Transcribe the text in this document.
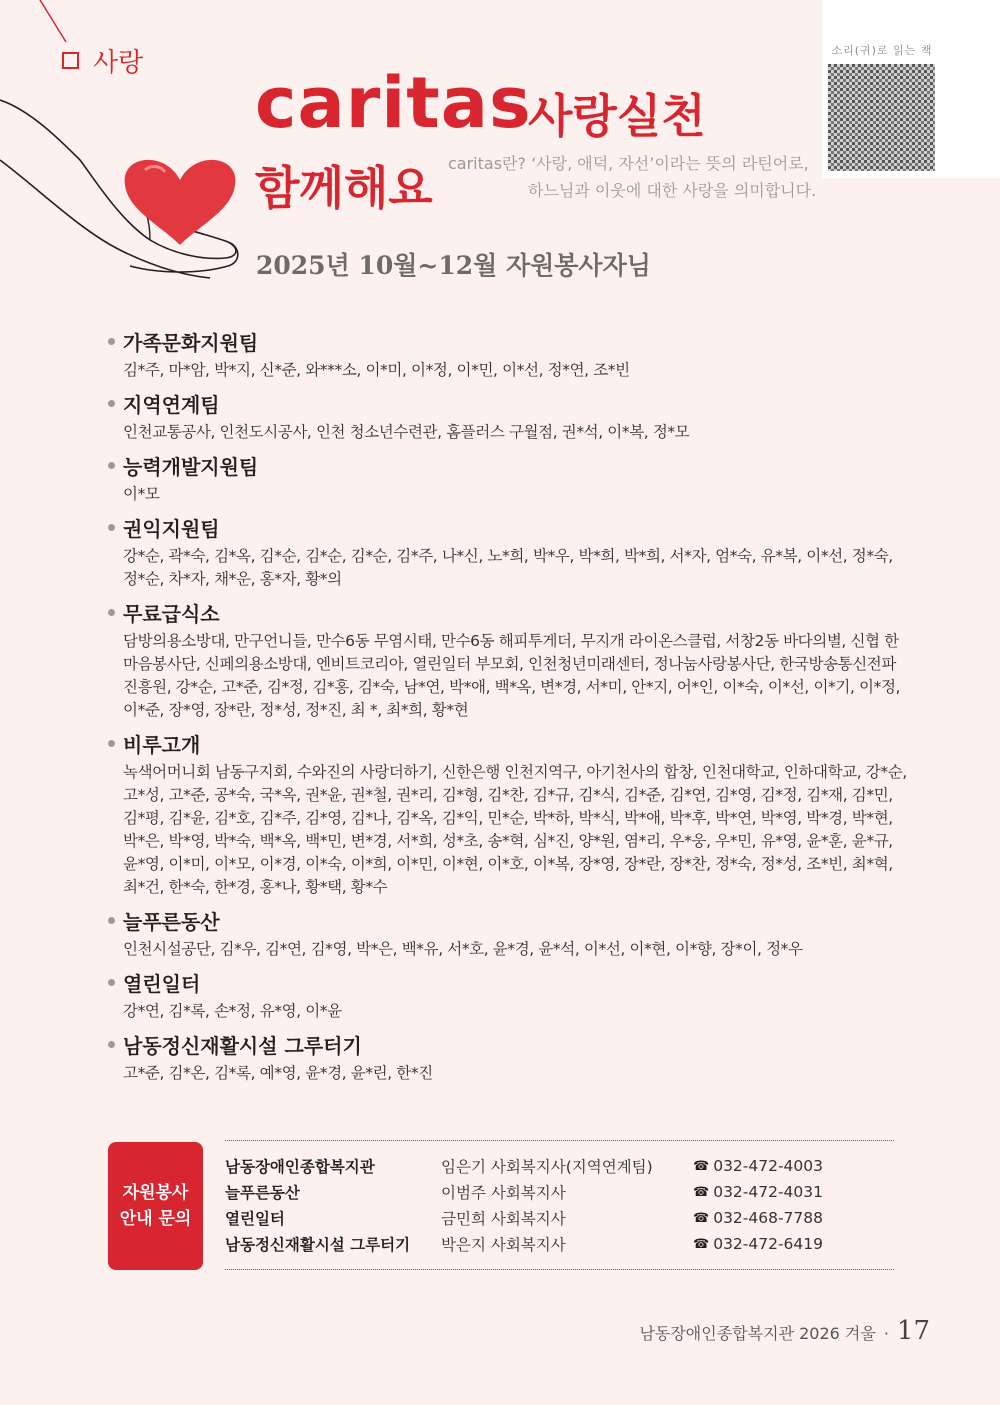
사랑 caritas
사랑실천
함께해요 caritas란? ‘사랑, 애덕, 자선’이라는 뜻의 라틴어로,
하느님과 이웃에 대한 사랑을 의미합니다.
2025년 10월~12월 자원봉사자님
소리(귀)로 읽는 책
가족문화지원팀
김*주, 마*암, 박*지, 신*준, 와***소, 이*미, 이*정, 이*민, 이*선, 정*연, 조*빈
지역연계팀
인천교통공사, 인천도시공사, 인천 청소년수련관, 홈플러스 구월점, 권*석, 이*복, 정*모
능력개발지원팀
이*모
권익지원팀
강*순, 곽*숙, 김*옥, 김*순, 김*순, 김*순, 김*주, 나*신, 노*희, 박*우, 박*희, 박*희, 서*자, 엄*숙, 유*복, 이*선, 정*숙, 정*순, 차*자, 채*운, 홍*자, 황*의
무료급식소
담방의용소방대, 만구언니들, 만수6동 무염시태, 만수6동 해피투게더, 무지개 라이온스클럽, 서창2동 바다의별, 신협 한마음봉사단, 신페의용소방대, 엔비트코리아, 열린일터 부모회, 인천청년미래센터, 정나눔사랑봉사단, 한국방송통신전파진흥원, 강*순, 고*준, 김*정, 김*홍, 김*숙, 남*연, 박*애, 백*옥, 변*경, 서*미, 안*지, 어*인, 이*숙, 이*선, 이*기, 이*정, 이*준, 장*영, 장*란, 정*성, 정*진, 최 *, 최*희, 황*현
비루고개
녹색어머니회 남동구지회, 수와진의 사랑더하기, 신한은행 인천지역구, 아기천사의 합창, 인천대학교, 인하대학교, 강*순, 고*성, 고*준, 공*숙, 국*옥, 권*윤, 권*철, 권*리, 김*형, 김*찬, 김*규, 김*식, 김*준, 김*연, 김*영, 김*정, 김*재, 김*민, 김*평, 김*윤, 김*호, 김*주, 김*영, 김*나, 김*옥, 김*익, 민*순, 박*하, 박*식, 박*애, 박*후, 박*연, 박*영, 박*경, 박*현, 박*은, 박*영, 박*숙, 백*옥, 백*민, 변*경, 서*희, 성*초, 송*혁, 심*진, 양*원, 염*리, 우*웅, 우*민, 유*영, 윤*훈, 윤*규, 윤*영, 이*미, 이*모, 이*경, 이*숙, 이*희, 이*민, 이*현, 이*호, 이*복, 장*영, 장*란, 장*찬, 정*숙, 정*성, 조*빈, 최*혁, 최*건, 한*숙, 한*경, 홍*나, 황*택, 황*수
늘푸른동산
인천시설공단, 김*우, 김*연, 김*영, 박*은, 백*유, 서*호, 윤*경, 윤*석, 이*선, 이*현, 이*향, 장*이, 정*우
열린일터
강*연, 김*록, 손*정, 유*영, 이*윤
남동정신재활시설 그루터기
고*준, 김*온, 김*록, 예*영, 윤*경, 윤*린, 한*진
자원봉사
안내 문의
남동장애인종합복지관	임은기 사회복지사(지역연계팀)	☎ 032-472-4003
늘푸른동산	이범주 사회복지사	☎ 032-472-4031
열린일터	금민희 사회복지사	☎ 032-468-7788
남동정신재활시설 그루터기	박은지 사회복지사	☎ 032-472-6419
남동장애인종합복지관 2026 겨울 · 17
